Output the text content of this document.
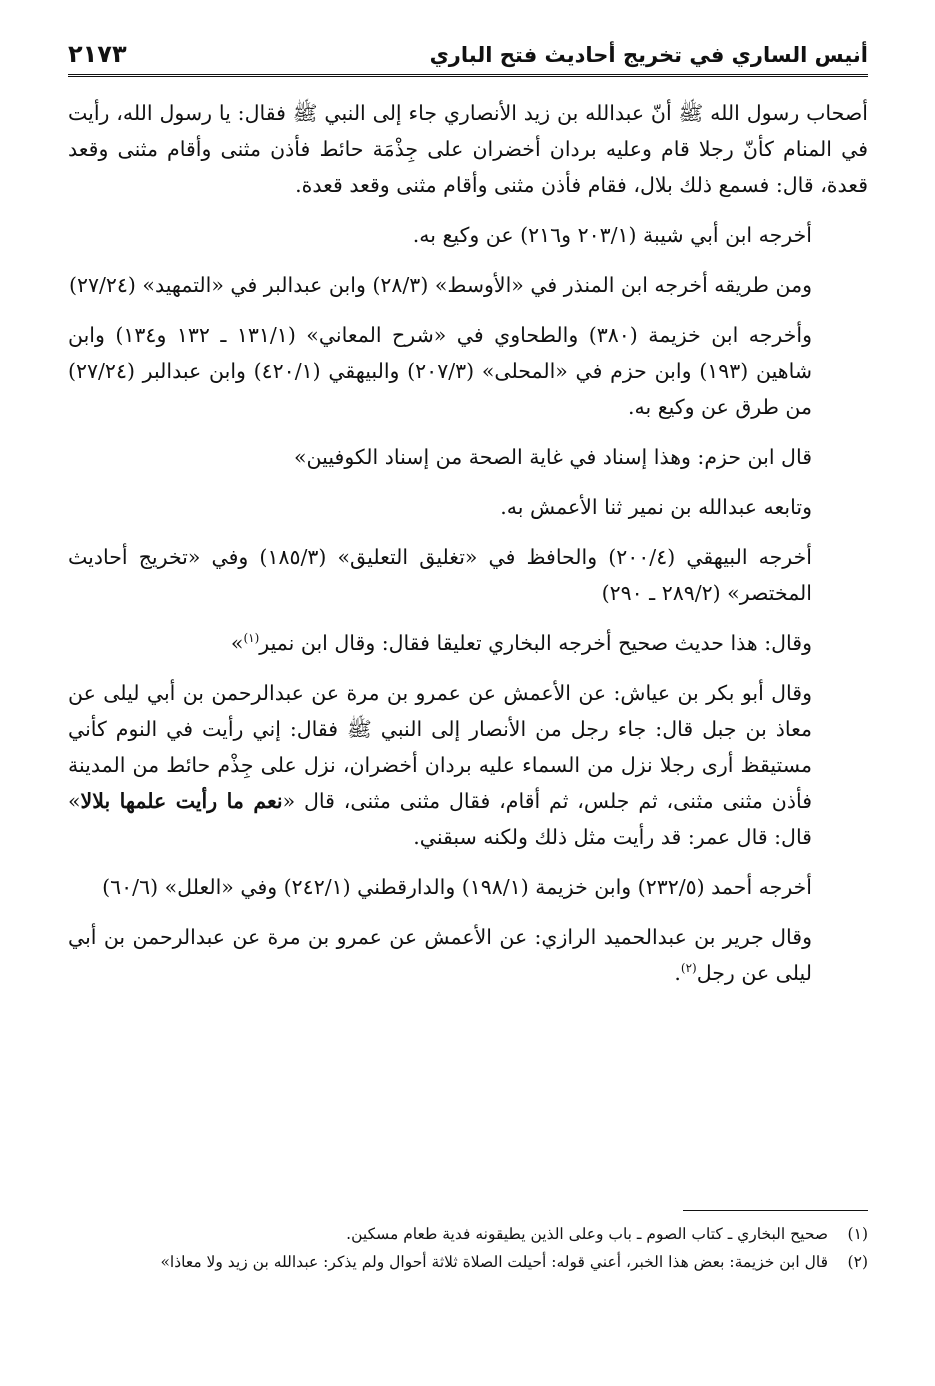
أنيس الساري في تخريج أحاديث فتح الباري
٢١٧٣

أصحاب رسول الله ﷺ أنّ عبدالله بن زيد الأنصاري جاء إلى النبي ﷺ فقال: يا رسول الله، رأيت في المنام كأنّ رجلا قام وعليه بردان أخضران على جِذْمَة حائط فأذن مثنى وأقام مثنى وقعد قعدة، قال: فسمع ذلك بلال، فقام فأذن مثنى وأقام مثنى وقعد قعدة.

أخرجه ابن أبي شيبة (٢٠٣/١ و٢١٦) عن وكيع به.

ومن طريقه أخرجه ابن المنذر في «الأوسط» (٢٨/٣) وابن عبدالبر في «التمهيد» (٢٧/٢٤)

وأخرجه ابن خزيمة (٣٨٠) والطحاوي في «شرح المعاني» (١٣١/١ ـ ١٣٢ و١٣٤) وابن شاهين (١٩٣) وابن حزم في «المحلى» (٢٠٧/٣) والبيهقي (٤٢٠/١) وابن عبدالبر (٢٧/٢٤) من طرق عن وكيع به.

قال ابن حزم: وهذا إسناد في غاية الصحة من إسناد الكوفيين»

وتابعه عبدالله بن نمير ثنا الأعمش به.

أخرجه البيهقي (٢٠٠/٤) والحافظ في «تغليق التعليق» (١٨٥/٣) وفي «تخريج أحاديث المختصر» (٢٨٩/٢ ـ ٢٩٠)

وقال: هذا حديث صحيح أخرجه البخاري تعليقا فقال: وقال ابن نمير$^{(١)}$»

وقال أبو بكر بن عياش: عن الأعمش عن عمرو بن مرة عن عبدالرحمن بن أبي ليلى عن معاذ بن جبل قال: جاء رجل من الأنصار إلى النبي ﷺ فقال: إني رأيت في النوم كأني مستيقظ أرى رجلا نزل من السماء عليه بردان أخضران، نزل على جِذْم حائط من المدينة فأذن مثنى مثنى، ثم جلس، ثم أقام، فقال مثنى مثنى، قال «نعم ما رأيت علمها بلالا» قال: قال عمر: قد رأيت مثل ذلك ولكنه سبقني.

أخرجه أحمد (٢٣٢/٥) وابن خزيمة (١٩٨/١) والدارقطني (٢٤٢/١) وفي «العلل» (٦٠/٦)

وقال جرير بن عبدالحميد الرازي: عن الأعمش عن عمرو بن مرة عن عبدالرحمن بن أبي ليلى عن رجل$^{(٢)}$.

(١)
صحيح البخاري ـ كتاب الصوم ـ باب وعلى الذين يطيقونه فدية طعام مسكين.
(٢)
قال ابن خزيمة: بعض هذا الخبر، أعني قوله: أحيلت الصلاة ثلاثة أحوال ولم يذكر: عبدالله بن زيد ولا معاذا»
